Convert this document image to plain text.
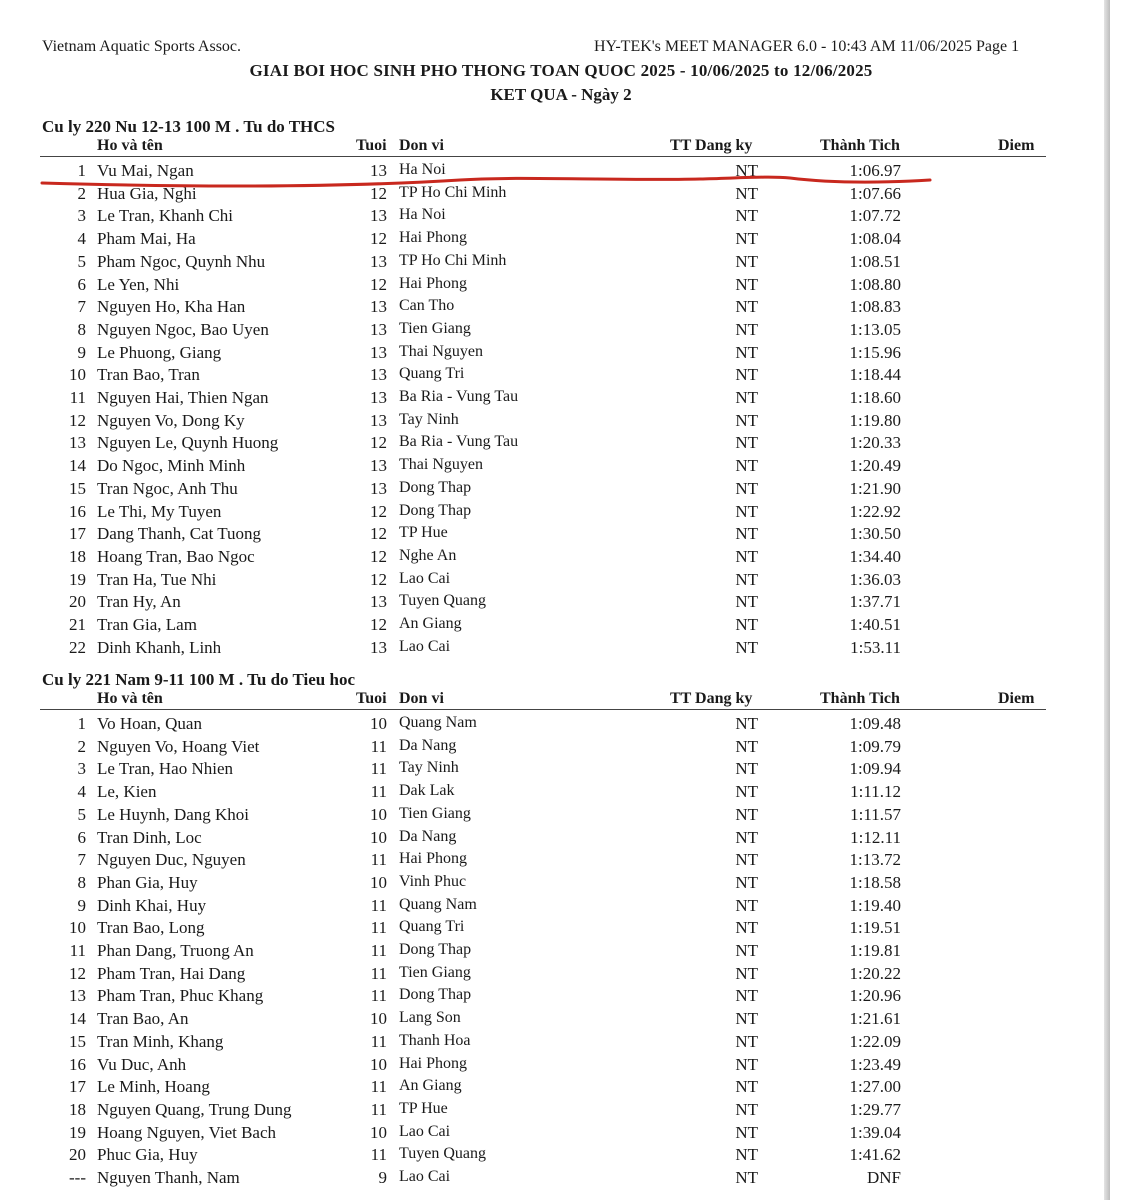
Vietnam Aquatic Sports Assoc.	HY-TEK's MEET MANAGER 6.0 - 10:43 AM 11/06/2025 Page 1
GIAI BOI HOC SINH PHO THONG TOAN QUOC 2025 - 10/06/2025 to 12/06/2025
KET QUA - Ngày 2
Cu ly 220 Nu 12-13 100 M . Tu do THCS
Ho và tên	Tuoi Don vi	TT Dang ky	Thành Tich	Diem
1 Vu Mai, Ngan	13 Ha Noi	NT	1:06.97
2 Hua Gia, Nghi	12 TP Ho Chi Minh	NT	1:07.66
3 Le Tran, Khanh Chi	13 Ha Noi	NT	1:07.72
4 Pham Mai, Ha	12 Hai Phong	NT	1:08.04
5 Pham Ngoc, Quynh Nhu	13 TP Ho Chi Minh	NT	1:08.51
6 Le Yen, Nhi	12 Hai Phong	NT	1:08.80
7 Nguyen Ho, Kha Han	13 Can Tho	NT	1:08.83
8 Nguyen Ngoc, Bao Uyen	13 Tien Giang	NT	1:13.05
9 Le Phuong, Giang	13 Thai Nguyen	NT	1:15.96
10 Tran Bao, Tran	13 Quang Tri	NT	1:18.44
11 Nguyen Hai, Thien Ngan	13 Ba Ria - Vung Tau	NT	1:18.60
12 Nguyen Vo, Dong Ky	13 Tay Ninh	NT	1:19.80
13 Nguyen Le, Quynh Huong	12 Ba Ria - Vung Tau	NT	1:20.33
14 Do Ngoc, Minh Minh	13 Thai Nguyen	NT	1:20.49
15 Tran Ngoc, Anh Thu	13 Dong Thap	NT	1:21.90
16 Le Thi, My Tuyen	12 Dong Thap	NT	1:22.92
17 Dang Thanh, Cat Tuong	12 TP Hue	NT	1:30.50
18 Hoang Tran, Bao Ngoc	12 Nghe An	NT	1:34.40
19 Tran Ha, Tue Nhi	12 Lao Cai	NT	1:36.03
20 Tran Hy, An	13 Tuyen Quang	NT	1:37.71
21 Tran Gia, Lam	12 An Giang	NT	1:40.51
22 Dinh Khanh, Linh	13 Lao Cai	NT	1:53.11
Cu ly 221 Nam 9-11 100 M . Tu do Tieu hoc
Ho và tên	Tuoi Don vi	TT Dang ky	Thành Tich	Diem
1 Vo Hoan, Quan	10 Quang Nam	NT	1:09.48
2 Nguyen Vo, Hoang Viet	11 Da Nang	NT	1:09.79
3 Le Tran, Hao Nhien	11 Tay Ninh	NT	1:09.94
4 Le, Kien	11 Dak Lak	NT	1:11.12
5 Le Huynh, Dang Khoi	10 Tien Giang	NT	1:11.57
6 Tran Dinh, Loc	10 Da Nang	NT	1:12.11
7 Nguyen Duc, Nguyen	11 Hai Phong	NT	1:13.72
8 Phan Gia, Huy	10 Vinh Phuc	NT	1:18.58
9 Dinh Khai, Huy	11 Quang Nam	NT	1:19.40
10 Tran Bao, Long	11 Quang Tri	NT	1:19.51
11 Phan Dang, Truong An	11 Dong Thap	NT	1:19.81
12 Pham Tran, Hai Dang	11 Tien Giang	NT	1:20.22
13 Pham Tran, Phuc Khang	11 Dong Thap	NT	1:20.96
14 Tran Bao, An	10 Lang Son	NT	1:21.61
15 Tran Minh, Khang	11 Thanh Hoa	NT	1:22.09
16 Vu Duc, Anh	10 Hai Phong	NT	1:23.49
17 Le Minh, Hoang	11 An Giang	NT	1:27.00
18 Nguyen Quang, Trung Dung	11 TP Hue	NT	1:29.77
19 Hoang Nguyen, Viet Bach	10 Lao Cai	NT	1:39.04
20 Phuc Gia, Huy	11 Tuyen Quang	NT	1:41.62
--- Nguyen Thanh, Nam	9 Lao Cai	NT	DNF
